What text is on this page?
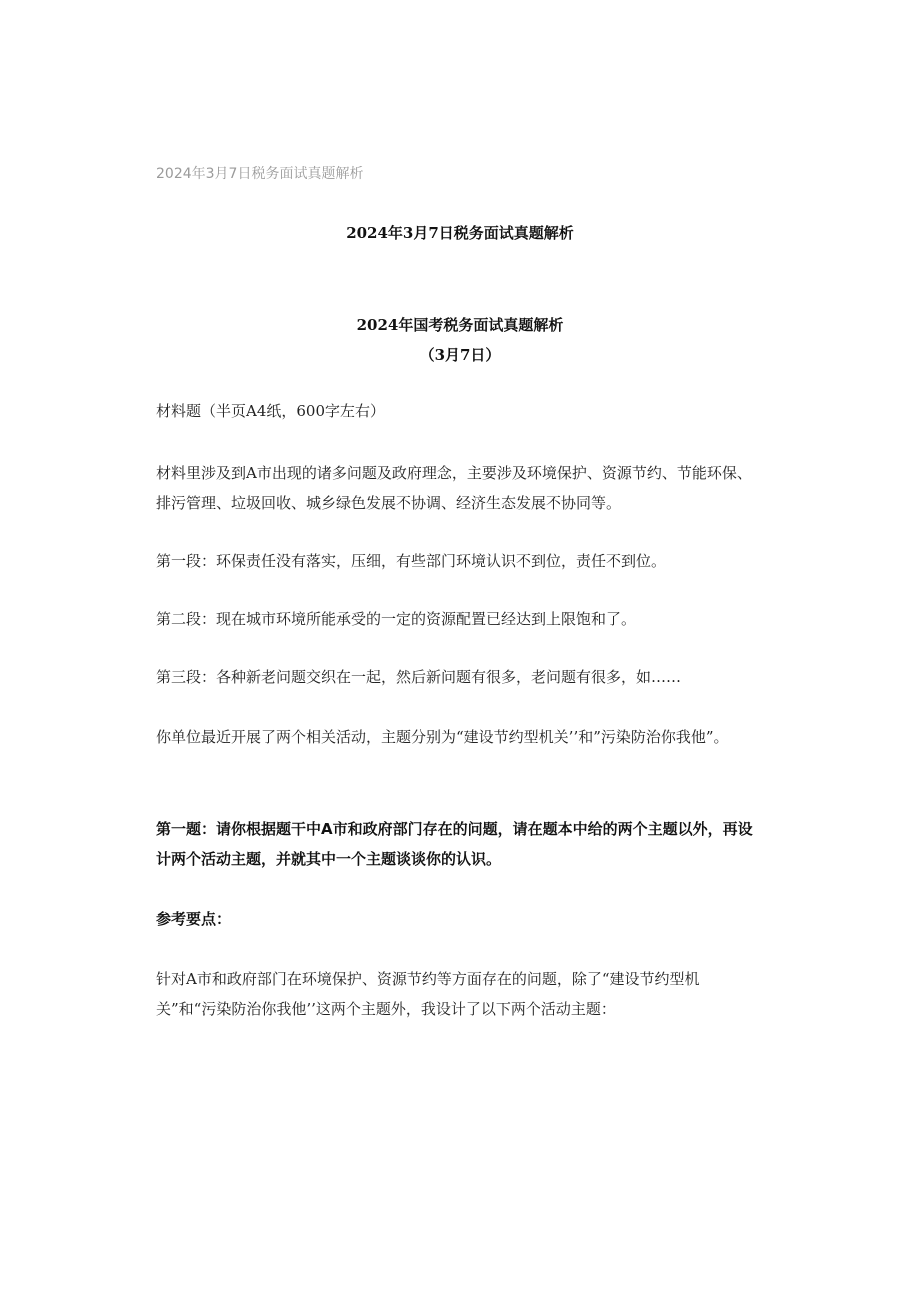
2024年3月7日税务面试真题解析
2024年3月7日税务面试真题解析
2024年国考税务面试真题解析
（3月7日）
材料题（半页A4纸，600字左右）
材料里涉及到A市出现的诸多问题及政府理念，主要涉及环境保护、资源节约、节能环保、排污管理、垃圾回收、城乡绿色发展不协调、经济生态发展不协同等。
第一段：环保责任没有落实，压细，有些部门环境认识不到位，责任不到位。
第二段：现在城市环境所能承受的一定的资源配置已经达到上限饱和了。
第三段：各种新老问题交织在一起，然后新问题有很多，老问题有很多，如……
你单位最近开展了两个相关活动，主题分别为“建设节约型机关’’和”污染防治你我他”。
第一题：请你根据题干中A市和政府部门存在的问题，请在题本中给的两个主题以外，再设计两个活动主题，并就其中一个主题谈谈你的认识。
参考要点：
针对A市和政府部门在环境保护、资源节约等方面存在的问题，除了“建设节约型机关”和“污染防治你我他’’这两个主题外，我设计了以下两个活动主题：
